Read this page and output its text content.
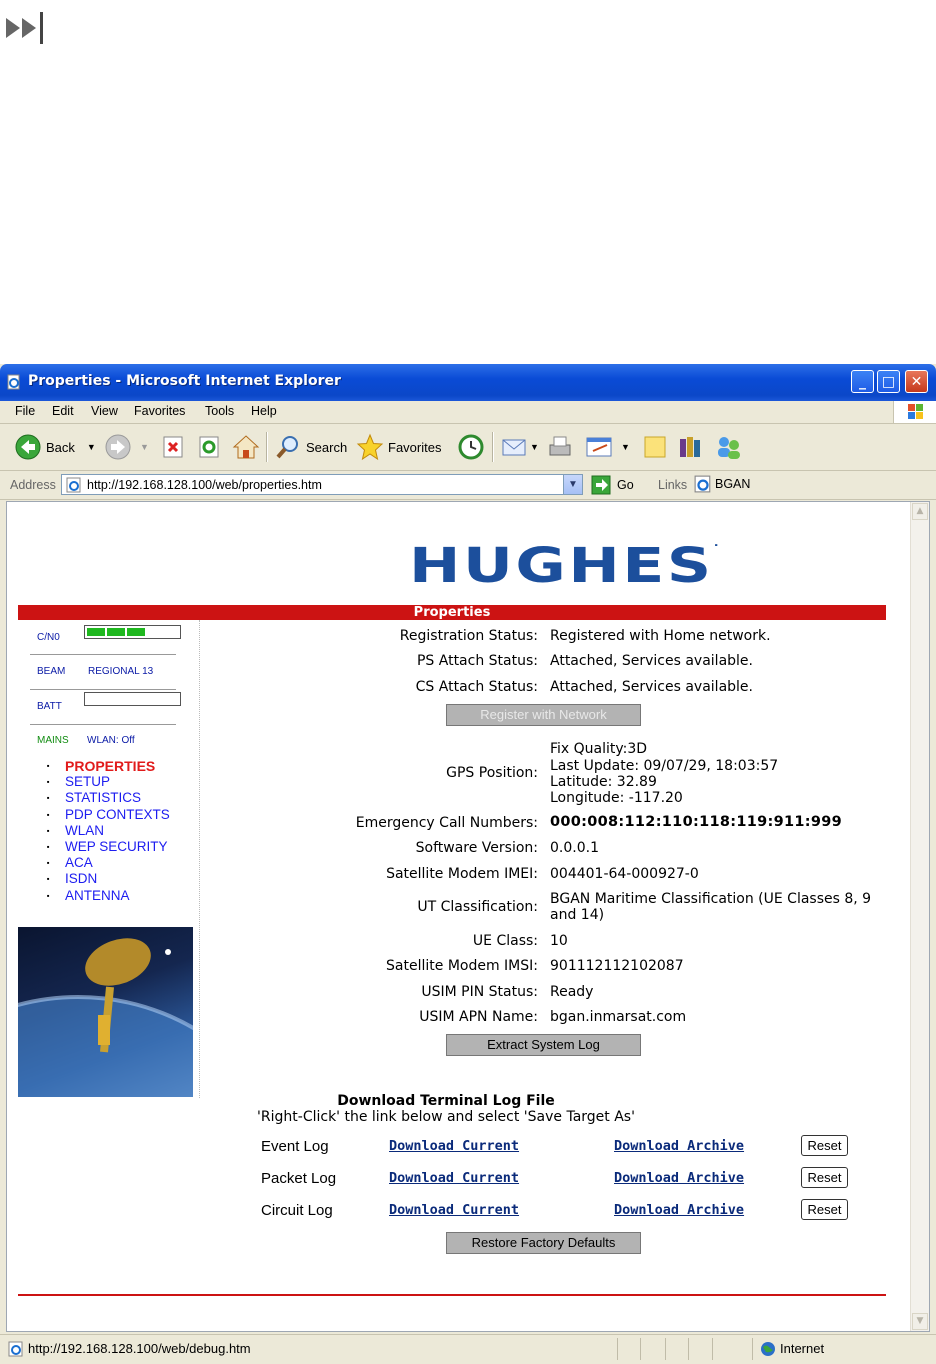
Properties - Microsoft Internet Explorer	_	□	✕
File Edit View Favorites Tools Help
Back ▼	▼	Search	Favorites	▼	▼
Address http://192.168.128.100/web/properties.htm	▼	Go Links BGAN
HUGHES.
Properties
C/N0
BEAM REGIONAL 13
BATT
MAINS WLAN: Off
■ PROPERTIES
■ SETUP
■ STATISTICS
■ PDP CONTEXTS
■ WLAN
■ WEP SECURITY
■ ACA
■ ISDN
■ ANTENNA
Registration Status: Registered with Home network.
PS Attach Status: Attached, Services available.
CS Attach Status: Attached, Services available.
Register with Network
GPS Position:
Fix Quality:3D
Last Update: 09/07/29, 18:03:57
Latitude: 32.89
Longitude: -117.20
Emergency Call Numbers: 000:008:112:110:118:119:911:999
Software Version: 0.0.0.1
Satellite Modem IMEI: 004401-64-000927-0
UT Classification: BGAN Maritime Classification (UE Classes 8, 9
and 14)
UE Class: 10
Satellite Modem IMSI: 901112112102087
USIM PIN Status: Ready
USIM APN Name: bgan.inmarsat.com
Extract System Log
Download Terminal Log File
'Right-Click' the link below and select 'Save Target As'
Event Log	Download Current	Download Archive	Reset
Packet Log	Download Current	Download Archive	Reset
Circuit Log	Download Current	Download Archive	Reset
Restore Factory Defaults
▲
▼
http://192.168.128.100/web/debug.htm	Internet
